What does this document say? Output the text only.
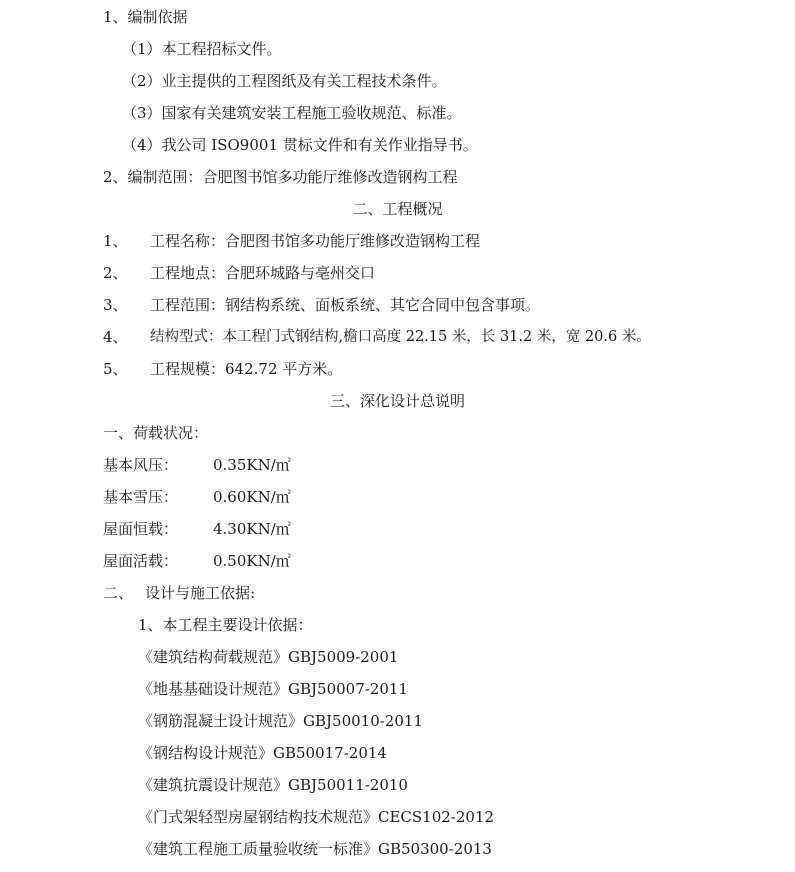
1、编制依据
（1）本工程招标文件。
（2）业主提供的工程图纸及有关工程技术条件。
（3）国家有关建筑安装工程施工验收规范、标准。
（4）我公司 ISO9001 贯标文件和有关作业指导书。
2、编制范围：合肥图书馆多功能厅维修改造钢构工程
二、工程概况
1、 工程名称：合肥图书馆多功能厅维修改造钢构工程
2、 工程地点：合肥环城路与亳州交口
3、 工程范围：钢结构系统、面板系统、其它合同中包含事项。
4、 结构型式：本工程门式钢结构,檐口高度 22.15 米，长 31.2 米，宽 20.6 米。
5、 工程规模：642.72 平方米。
三、深化设计总说明
一、荷载状况：
基本风压： 0.35KN/㎡
基本雪压： 0.60KN/㎡
屋面恒载： 4.30KN/㎡
屋面活载： 0.50KN/㎡
二、 设计与施工依据:
1、本工程主要设计依据：
《建筑结构荷载规范》GBJ5009-2001
《地基基础设计规范》GBJ50007-2011
《钢筋混凝土设计规范》GBJ50010-2011
《钢结构设计规范》GB50017-2014
《建筑抗震设计规范》GBJ50011-2010
《门式架轻型房屋钢结构技术规范》CECS102-2012
《建筑工程施工质量验收统一标准》GB50300-2013
